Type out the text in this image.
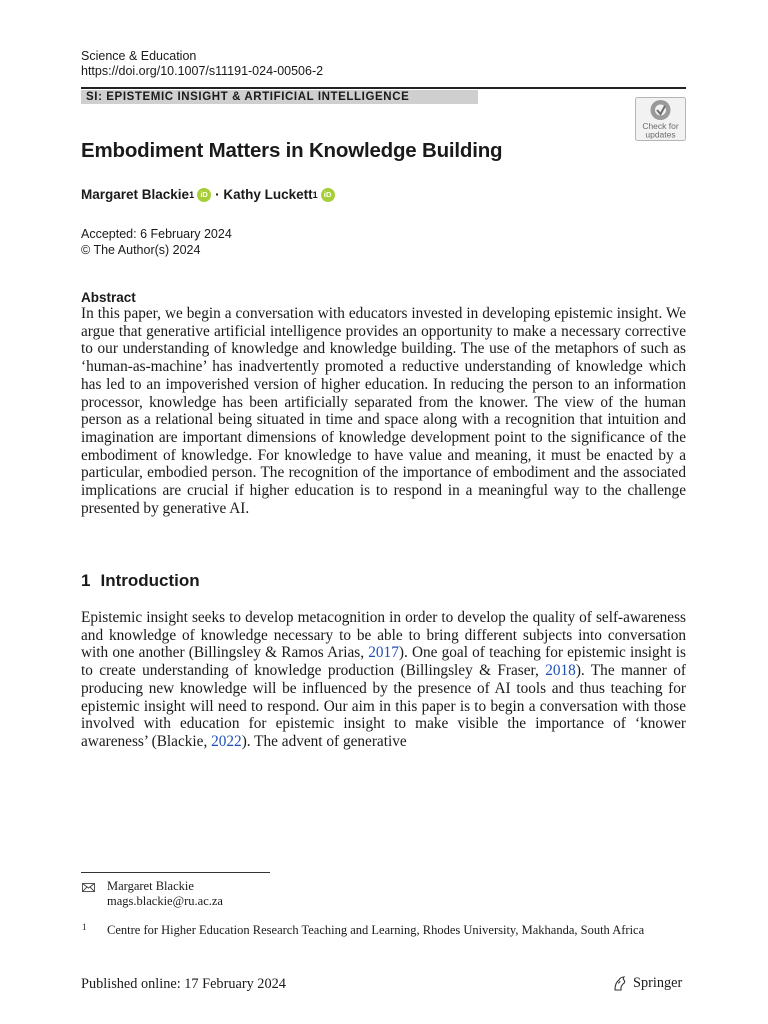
Science & Education
https://doi.org/10.1007/s11191-024-00506-2
SI: EPISTEMIC INSIGHT & ARTIFICIAL INTELLIGENCE
Check for
updates
Embodiment Matters in Knowledge Building
Margaret Blackie 1 iD ·
Kathy Luckett 1 iD
Accepted: 6 February 2024
© The Author(s) 2024
Abstract

In this paper, we begin a conversation with educators invested in developing epistemic insight. We argue that generative artificial intelligence provides an opportunity to make a necessary corrective to our understanding of knowledge and knowledge building. The use of the metaphors of such as ‘human-as-machine’ has inadvertently promoted a reductive understanding of knowledge which has led to an impoverished version of higher education. In reducing the person to an information processor, knowledge has been artificially separated from the knower. The view of the human person as a relational being situated in time and space along with a recognition that intuition and imagination are important dimensions of knowledge development point to the significance of the embodiment of knowledge. For knowledge to have value and meaning, it must be enacted by a particular, embodied person. The recognition of the importance of embodiment and the associated implications are crucial if higher education is to respond in a meaningful way to the challenge presented by generative AI.

1 Introduction

Epistemic insight seeks to develop metacognition in order to develop the quality of self-awareness and knowledge of knowledge necessary to be able to bring different subjects into conversation with one another (Billingsley & Ramos Arias, 2017). One goal of teaching for epistemic insight is to create understanding of knowledge production (Billingsley & Fraser, 2018). The manner of producing new knowledge will be influenced by the presence of AI tools and thus teaching for epistemic insight will need to respond. Our aim in this paper is to begin a conversation with those involved with education for epistemic insight to make visible the importance of ‘knower awareness’ (Blackie, 2022). The advent of generative

Margaret Blackie
mags.blackie@ru.ac.za
1 Centre for Higher Education Research Teaching and Learning, Rhodes University, Makhanda, South Africa
Published online: 17 February 2024	Springer
